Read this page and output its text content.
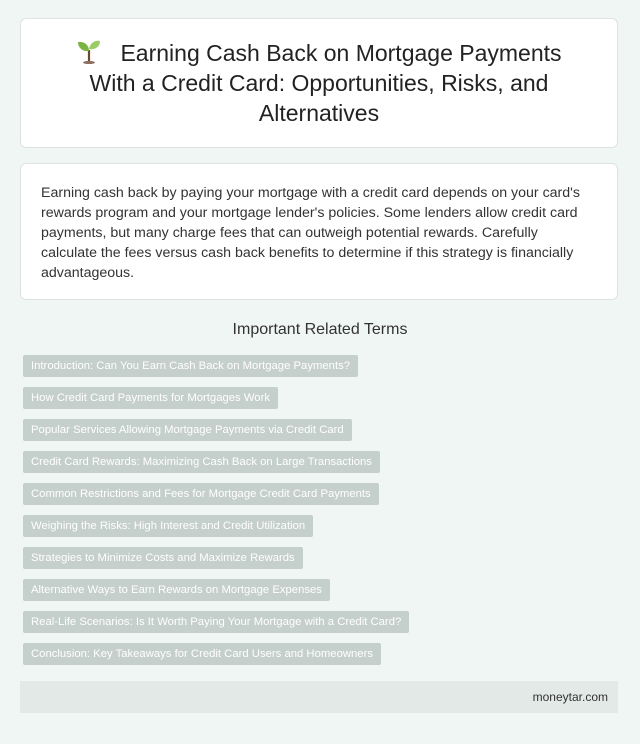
Earning Cash Back on Mortgage Payments With a Credit Card: Opportunities, Risks, and Alternatives

Earning cash back by paying your mortgage with a credit card depends on your card's rewards program and your mortgage lender's policies. Some lenders allow credit card payments, but many charge fees that can outweigh potential rewards. Carefully calculate the fees versus cash back benefits to determine if this strategy is financially advantageous.

Important Related Terms
Introduction: Can You Earn Cash Back on Mortgage Payments?
How Credit Card Payments for Mortgages Work
Popular Services Allowing Mortgage Payments via Credit Card
Credit Card Rewards: Maximizing Cash Back on Large Transactions
Common Restrictions and Fees for Mortgage Credit Card Payments
Weighing the Risks: High Interest and Credit Utilization
Strategies to Minimize Costs and Maximize Rewards
Alternative Ways to Earn Rewards on Mortgage Expenses
Real-Life Scenarios: Is It Worth Paying Your Mortgage with a Credit Card?
Conclusion: Key Takeaways for Credit Card Users and Homeowners
moneytar.com
